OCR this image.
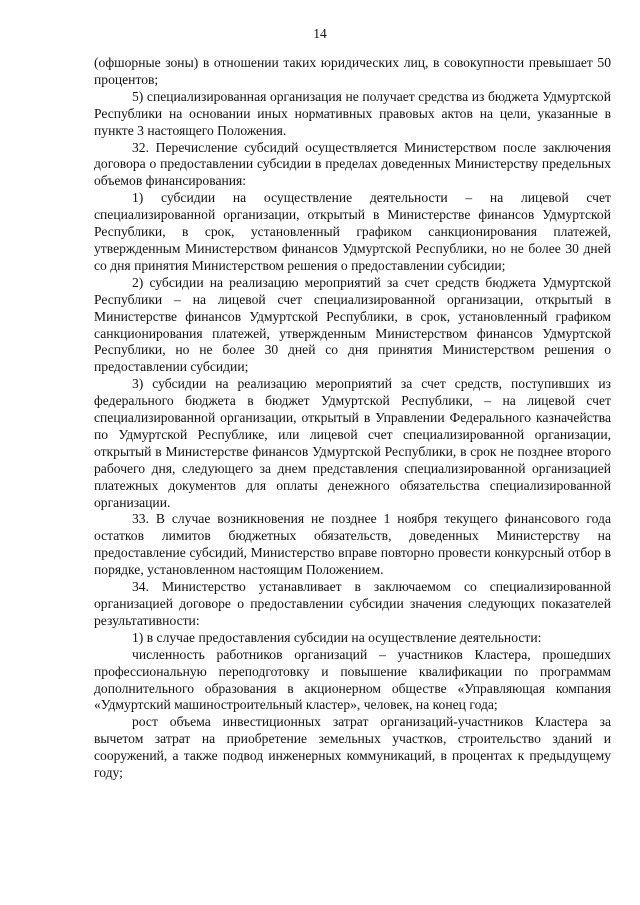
14

(офшорные зоны) в отношении таких юридических лиц, в совокупности превышает 50 процентов;

5) специализированная организация не получает средства из бюджета Удмуртской Республики на основании иных нормативных правовых актов на цели, указанные в пункте 3 настоящего Положения.

32. Перечисление субсидий осуществляется Министерством после заключения договора о предоставлении субсидии в пределах доведенных Министерству предельных объемов финансирования:

1) субсидии на осуществление деятельности – на лицевой счет специализированной организации, открытый в Министерстве финансов Удмуртской Республики, в срок, установленный графиком санкционирования платежей, утвержденным Министерством финансов Удмуртской Республики, но не более 30 дней со дня принятия Министерством решения о предоставлении субсидии;

2) субсидии на реализацию мероприятий за счет средств бюджета Удмуртской Республики – на лицевой счет специализированной организации, открытый в Министерстве финансов Удмуртской Республики, в срок, установленный графиком санкционирования платежей, утвержденным Министерством финансов Удмуртской Республики, но не более 30 дней со дня принятия Министерством решения о предоставлении субсидии;

3) субсидии на реализацию мероприятий за счет средств, поступивших из федерального бюджета в бюджет Удмуртской Республики, – на лицевой счет специализированной организации, открытый в Управлении Федерального казначейства по Удмуртской Республике, или лицевой счет специализированной организации, открытый в Министерстве финансов Удмуртской Республики, в срок не позднее второго рабочего дня, следующего за днем представления специализированной организацией платежных документов для оплаты денежного обязательства специализированной организации.

33. В случае возникновения не позднее 1 ноября текущего финансового года остатков лимитов бюджетных обязательств, доведенных Министерству на предоставление субсидий, Министерство вправе повторно провести конкурсный отбор в порядке, установленном настоящим Положением.

34. Министерство устанавливает в заключаемом со специализированной организацией договоре о предоставлении субсидии значения следующих показателей результативности:

1) в случае предоставления субсидии на осуществление деятельности:

численность работников организаций – участников Кластера, прошедших профессиональную переподготовку и повышение квалификации по программам дополнительного образования в акционерном обществе «Управляющая компания «Удмуртский машиностроительный кластер», человек, на конец года;

рост объема инвестиционных затрат организаций-участников Кластера за вычетом затрат на приобретение земельных участков, строительство зданий и сооружений, а также подвод инженерных коммуникаций, в процентах к предыдущему году;
